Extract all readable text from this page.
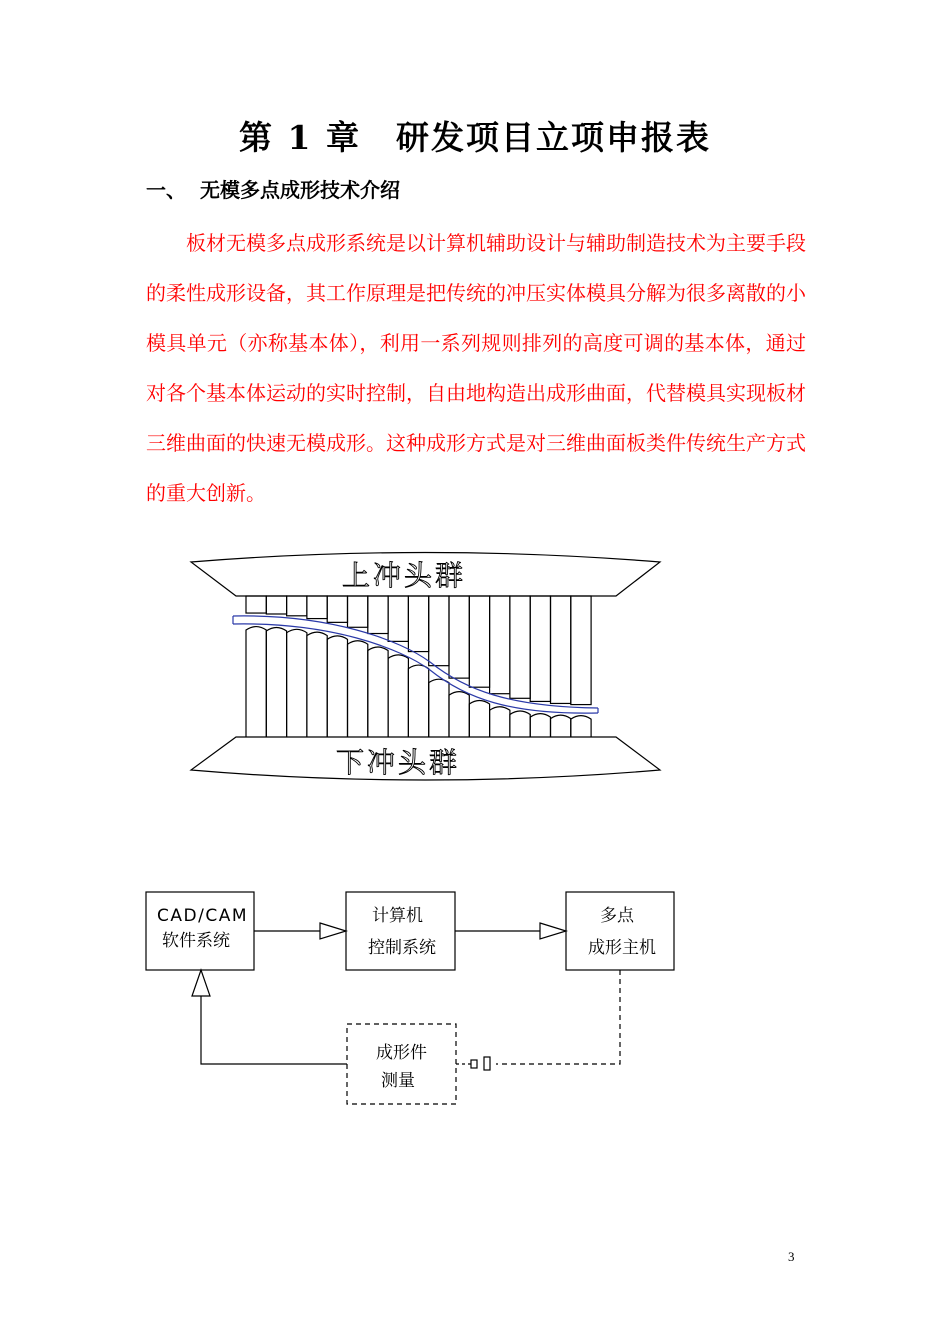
第 1 章　研发项目立项申报表
一、 无模多点成形技术介绍

板材无模多点成形系统是以计算机辅助设计与辅助制造技术为主要手段的柔性成形设备，其工作原理是把传统的冲压实体模具分解为很多离散的小模具单元（亦称基本体），利用一系列规则排列的高度可调的基本体，通过对各个基本体运动的实时控制，自由地构造出成形曲面，代替模具实现板材三维曲面的快速无模成形。这种成形方式是对三维曲面板类件传统生产方式的重大创新。

上冲头群
下冲头群
CAD/CAM
软件系统
计算机
控制系统
多点
成形主机
成形件
测量
3
